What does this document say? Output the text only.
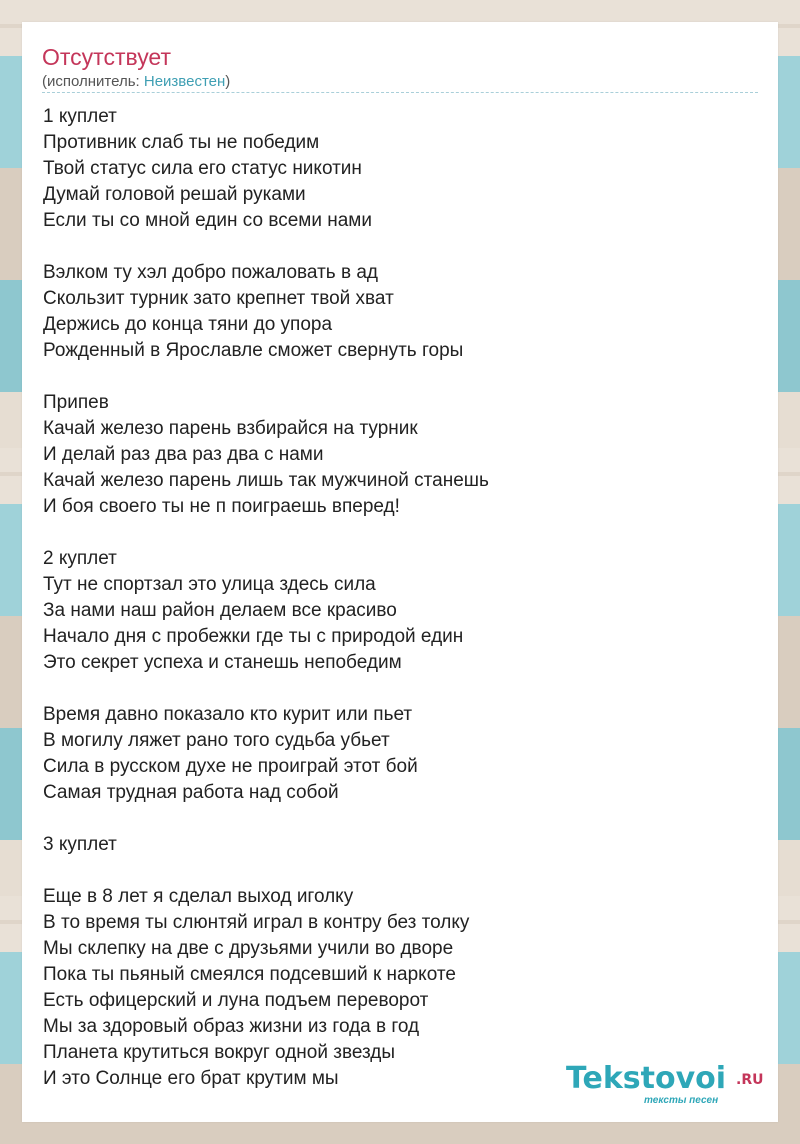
Отсутствует
(исполнитель: Неизвестен)
1 куплет
Противник слаб ты не победим
Твой статус сила его статус никотин
Думай головой решай руками
Если ты со мной един со всеми нами
Вэлком ту хэл добро пожаловать в ад
Скользит турник зато крепнет твой хват
Держись до конца тяни до упора
Рожденный в Ярославле сможет свернуть горы
Припев
Качай железо парень взбирайся на турник
И делай раз два раз два с нами
Качай железо парень лишь так мужчиной станешь
И боя своего ты не п поиграешь вперед!
2 куплет
Тут не спортзал это улица здесь сила
За нами наш район делаем все красиво
Начало дня с пробежки где ты с природой един
Это секрет успеха и станешь непобедим
Время давно показало кто курит или пьет
В могилу ляжет рано того судьба убьет
Сила в русском духе не проиграй этот бой
Самая трудная работа над собой
3 куплет
Еще в 8 лет я сделал выход иголку
В то время ты слюнтяй играл в контру без толку
Мы склепку на две с друзьями учили во дворе
Пока ты пьяный смеялся подсевший к наркоте
Есть офицерский и луна подъем переворот
Мы за здоровый образ жизни из года в год
Планета крутиться вокруг одной звезды
И это Солнце его брат крутим мы	Tekstovoi .RU
тексты песен
